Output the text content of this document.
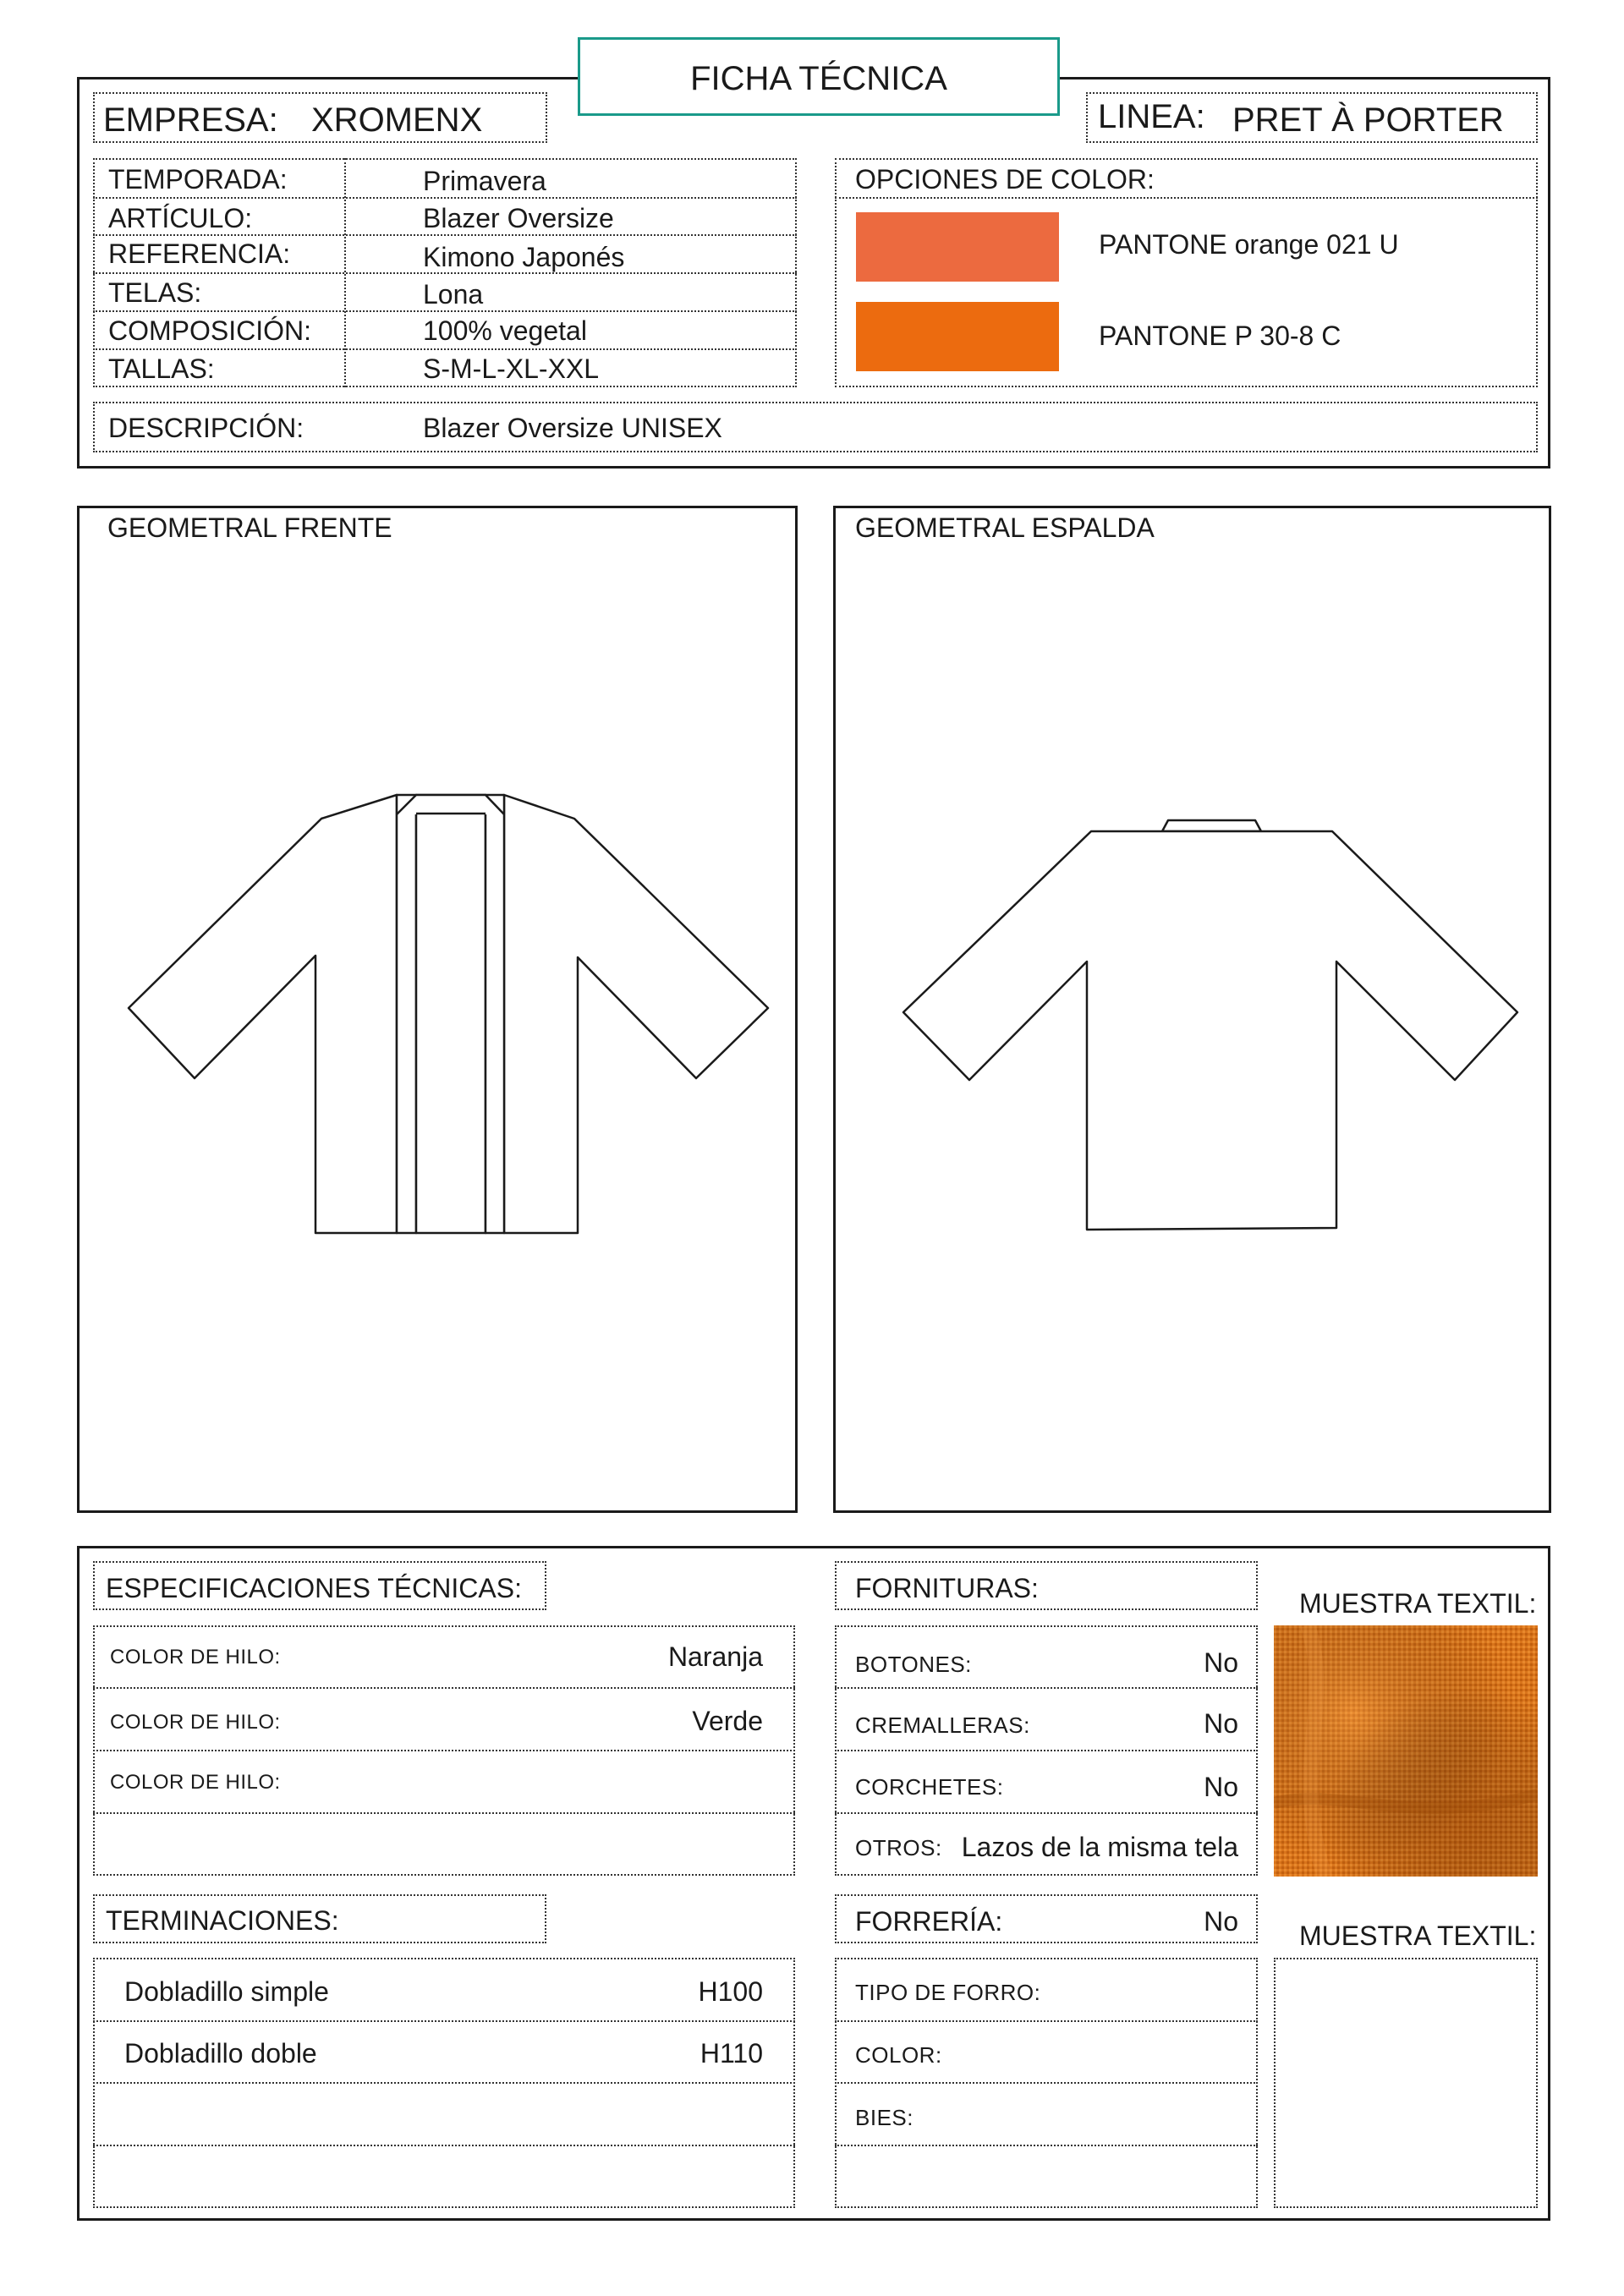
FICHA TÉCNICA
EMPRESA: XROMENX	LINEA: PRET À PORTER
TEMPORADA:	Primavera
ARTÍCULO:	Blazer Oversize
REFERENCIA:	Kimono Japonés
TELAS:	Lona
COMPOSICIÓN:	100% vegetal
TALLAS:	S-M-L-XL-XXL
OPCIONES DE COLOR:
PANTONE orange 021 U
PANTONE P 30-8 C
DESCRIPCIÓN:	Blazer Oversize UNISEX
GEOMETRAL FRENTE	GEOMETRAL ESPALDA
ESPECIFICACIONES TÉCNICAS:
COLOR DE HILO:	Naranja
COLOR DE HILO:	Verde
COLOR DE HILO:
TERMINACIONES:
Dobladillo simple	H100
Dobladillo doble	H110
FORNITURAS:
BOTONES:	No
CREMALLERAS:	No
CORCHETES:	No
OTROS: Lazos de la misma tela
FORRERÍA:	No
TIPO DE FORRO:
COLOR:
BIES:
MUESTRA TEXTIL:
MUESTRA TEXTIL:
